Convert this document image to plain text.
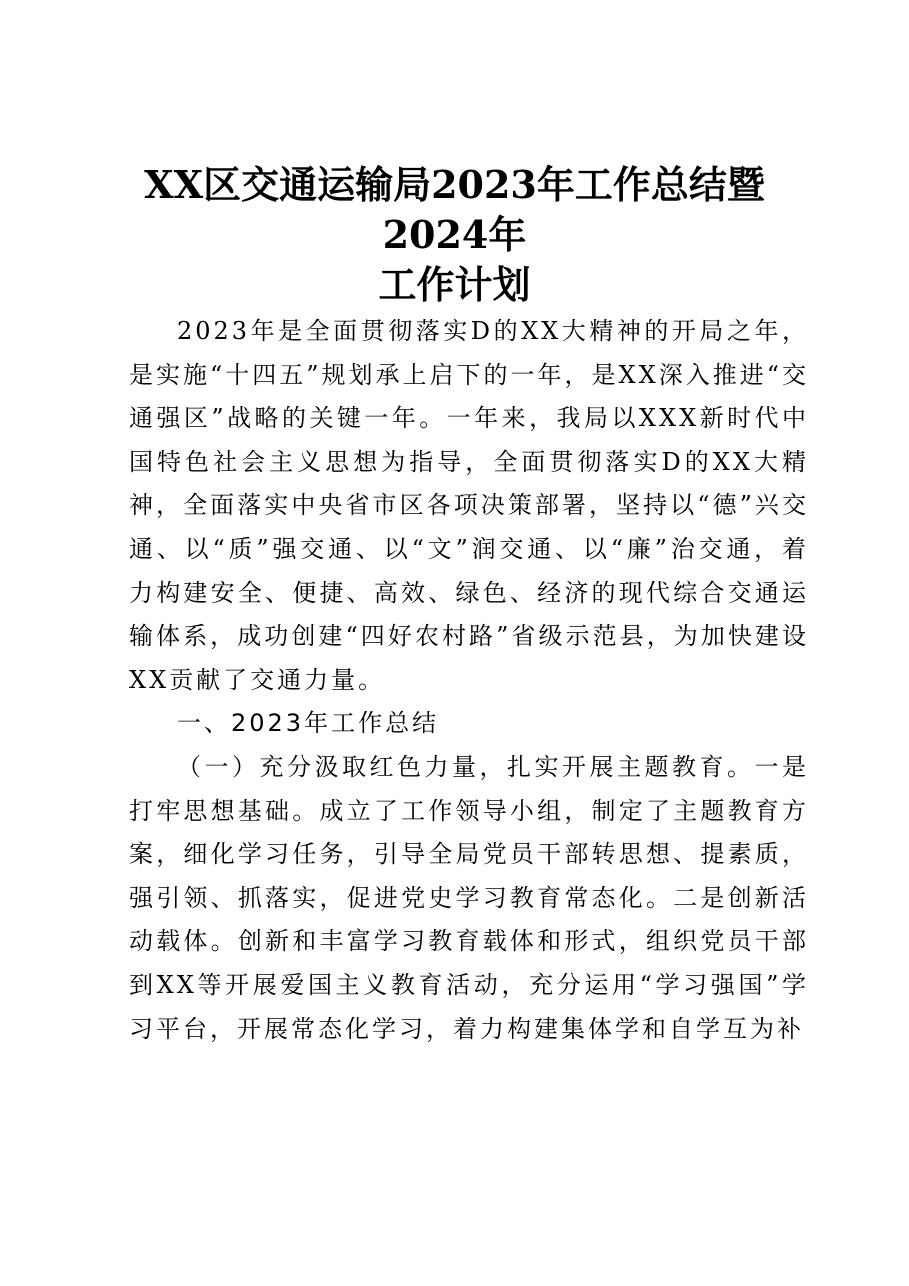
XX区交通运输局2023年工作总结暨2024年
工作计划

2023年是全面贯彻落实D的XX大精神的开局之年，是实施“十四五”规划承上启下的一年，是XX深入推进“交通强区”战略的关键一年。一年来，我局以XXX新时代中国特色社会主义思想为指导，全面贯彻落实D的XX大精神，全面落实中央省市区各项决策部署，坚持以“德”兴交通、以“质”强交通、以“文”润交通、以“廉”治交通，着力构建安全、便捷、高效、绿色、经济的现代综合交通运输体系，成功创建“四好农村路”省级示范县，为加快建设XX贡献了交通力量。

一、2023年工作总结

（一）充分汲取红色力量，扎实开展主题教育。一是打牢思想基础。成立了工作领导小组，制定了主题教育方案，细化学习任务，引导全局党员干部转思想、提素质，强引领、抓落实，促进党史学习教育常态化。二是创新活动载体。创新和丰富学习教育载体和形式，组织党员干部到XX等开展爱国主义教育活动，充分运用“学习强国”学习平台，开展常态化学习，着力构建集体学和自学互为补
